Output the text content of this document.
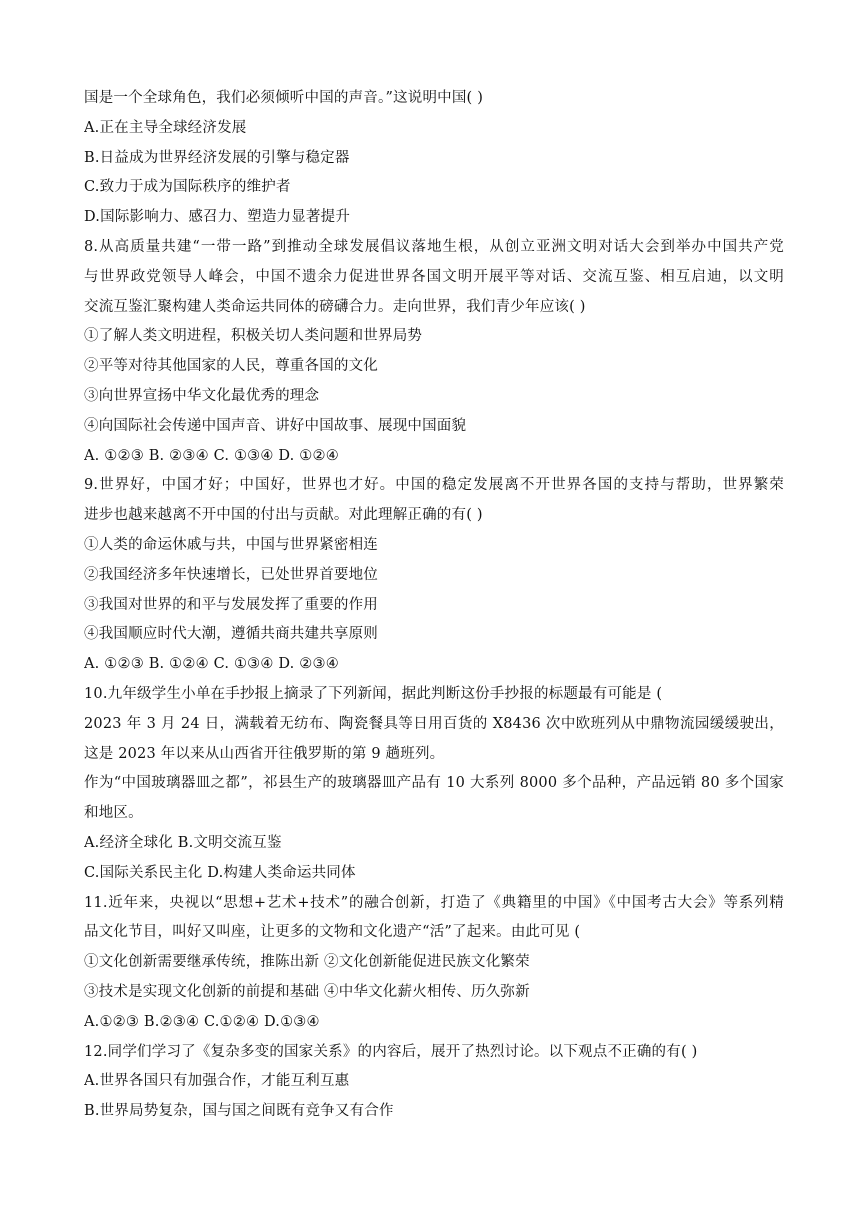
国是一个全球角色，我们必须倾听中国的声音。”这说明中国( )
A.正在主导全球经济发展
B.日益成为世界经济发展的引擎与稳定器
C.致力于成为国际秩序的维护者
D.国际影响力、感召力、塑造力显著提升
8.从高质量共建“一带一路”到推动全球发展倡议落地生根，从创立亚洲文明对话大会到举办中国共产党
与世界政党领导人峰会，中国不遗余力促进世界各国文明开展平等对话、交流互鉴、相互启迪，以文明
交流互鉴汇聚构建人类命运共同体的磅礴合力。走向世界，我们青少年应该( )
①了解人类文明进程，积极关切人类问题和世界局势
②平等对待其他国家的人民，尊重各国的文化
③向世界宣扬中华文化最优秀的理念
④向国际社会传递中国声音、讲好中国故事、展现中国面貌
A. ①②③ B. ②③④ C. ①③④ D. ①②④
9.世界好，中国才好；中国好，世界也才好。中国的稳定发展离不开世界各国的支持与帮助，世界繁荣
进步也越来越离不开中国的付出与贡献。对此理解正确的有( )
①人类的命运休戚与共，中国与世界紧密相连
②我国经济多年快速增长，已处世界首要地位
③我国对世界的和平与发展发挥了重要的作用
④我国顺应时代大潮，遵循共商共建共享原则
A. ①②③ B. ①②④ C. ①③④ D. ②③④
10.九年级学生小单在手抄报上摘录了下列新闻，据此判断这份手抄报的标题最有可能是 (
2023 年 3 月 24 日，满载着无纺布、陶瓷餐具等日用百货的 X8436 次中欧班列从中鼎物流园缓缓驶出，
这是 2023 年以来从山西省开往俄罗斯的第 9 趟班列。
作为“中国玻璃器皿之都”，祁县生产的玻璃器皿产品有 10 大系列 8000 多个品种，产品远销 80 多个国家
和地区。
A.经济全球化 B.文明交流互鉴
C.国际关系民主化 D.构建人类命运共同体
11.近年来，央视以“思想+艺术+技术”的融合创新，打造了《典籍里的中国》《中国考古大会》等系列精
品文化节目，叫好又叫座，让更多的文物和文化遗产“活”了起来。由此可见 (
①文化创新需要继承传统，推陈出新 ②文化创新能促进民族文化繁荣
③技术是实现文化创新的前提和基础 ④中华文化薪火相传、历久弥新
A.①②③ B.②③④ C.①②④ D.①③④
12.同学们学习了《复杂多变的国家关系》的内容后，展开了热烈讨论。以下观点不正确的有( )
A.世界各国只有加强合作，才能互利互惠
B.世界局势复杂，国与国之间既有竞争又有合作
